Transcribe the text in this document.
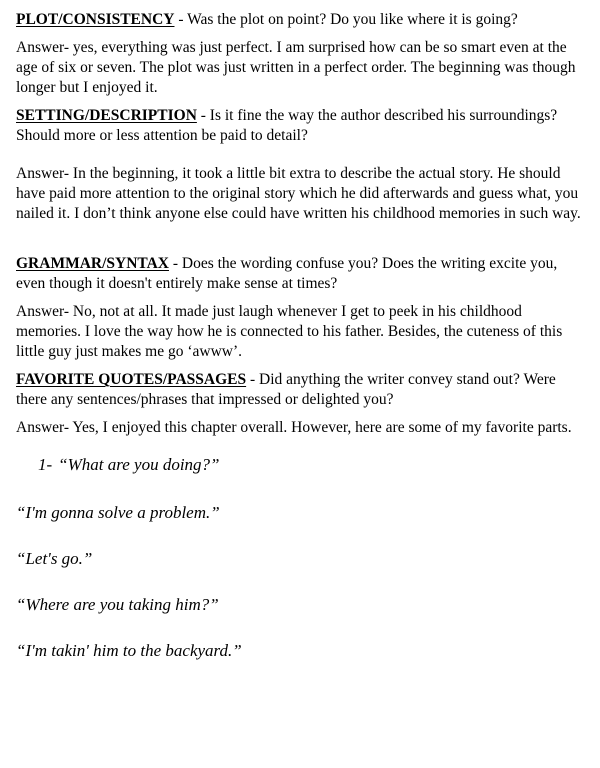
PLOT/CONSISTENCY - Was the plot on point? Do you like where it is going?

Answer- yes, everything was just perfect. I am surprised how can be so smart even at the age of six or seven. The plot was just written in a perfect order. The beginning was though longer but I enjoyed it.

SETTING/DESCRIPTION - Is it fine the way the author described his surroundings? Should more or less attention be paid to detail?

Answer- In the beginning, it took a little bit extra to describe the actual story. He should have paid more attention to the original story which he did afterwards and guess what, you nailed it. I don’t think anyone else could have written his childhood memories in such way.

GRAMMAR/SYNTAX - Does the wording confuse you? Does the writing excite you, even though it doesn't entirely make sense at times?

Answer- No, not at all. It made just laugh whenever I get to peek in his childhood memories. I love the way how he is connected to his father. Besides, the cuteness of this little guy just makes me go ‘awww’.

FAVORITE QUOTES/PASSAGES - Did anything the writer convey stand out? Were there any sentences/phrases that impressed or delighted you?

Answer- Yes, I enjoyed this chapter overall. However, here are some of my favorite parts.

1- “What are you doing?”

“I'm gonna solve a problem.”

“Let's go.”

“Where are you taking him?”

“I'm takin' him to the backyard.”
